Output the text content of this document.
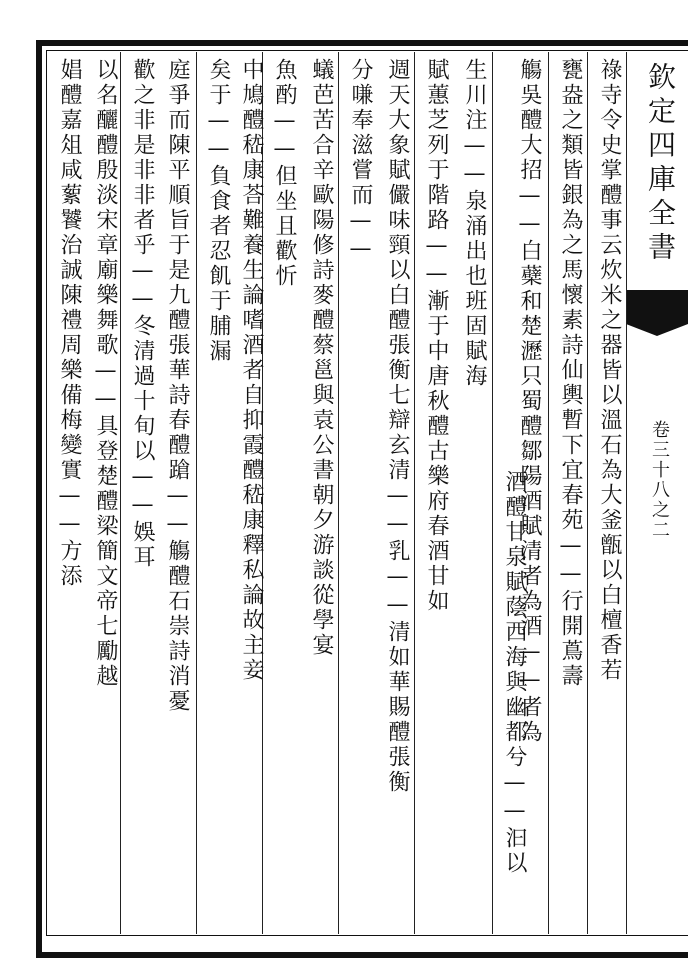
欽定四庫全書
卷三十八之二
祿寺令史掌醴事云炊米之器皆以溫石為大釜甑以白檀香若
甕盎之類皆銀為之馬懷素詩仙輿暫下宜春苑——行開蔦壽
觴吳醴大招——白蘗和楚瀝只蜀醴鄒陽酒賦清者為酒——者為
酒醴甘泉賦蔭西海與幽都兮——汩以
生川注——泉涌出也班固賦海
賦蕙芝列于階路——漸于中唐秋醴古樂府春酒甘如
週天大象賦儼味頸以白醴張衡七辯玄清——乳——清如華賜醴張衡
分嗛奉滋嘗而——
蟻芭苦合辛歐陽修詩麥醴蔡邕與袁公書朝夕游談從學宴
魚酌——但坐且歡忻
中鳩醴嵇康荅難養生論嗜酒者自抑霞醴嵇康釋私論故主妾
矣于——負食者忍飢于脯漏
庭爭而陳平順旨于是九醴張華詩春醴蹌——觴醴石崇詩消憂
歡之非是非非者乎——冬清過十旬以——娛耳
以名釃醴殷淡宋章廟樂舞歌——具登楚醴梁簡文帝七勵越
娼醴嘉俎咸蕠饕治誠陳禮周樂備梅變實——方添
